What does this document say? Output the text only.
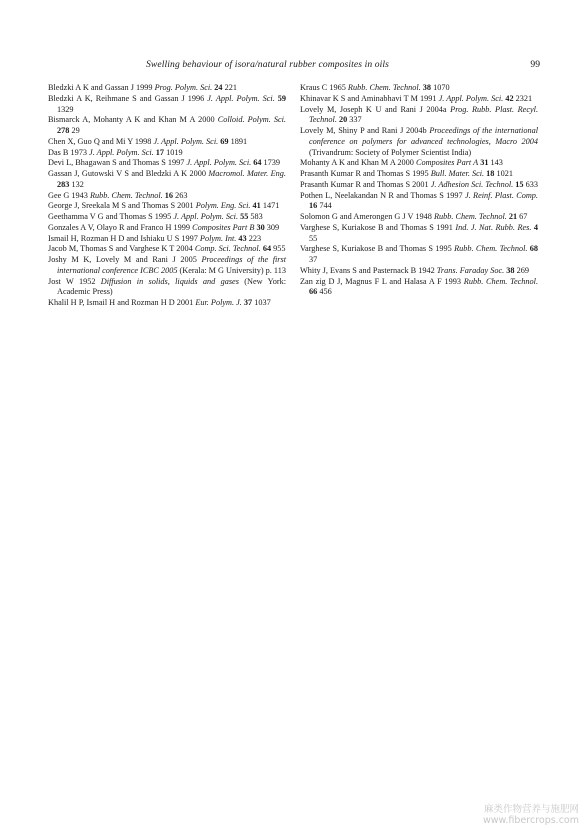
Swelling behaviour of isora/natural rubber composites in oils	99

Bledzki A K and Gassan J 1999 Prog. Polym. Sci. 24 221

Bledzki A K, Reihmane S and Gassan J 1996 J. Appl. Polym. Sci. 59 1329

Bismarck A, Mohanty A K and Khan M A 2000 Colloid. Polym. Sci. 278 29

Chen X, Guo Q and Mi Y 1998 J. Appl. Polym. Sci. 69 1891

Das B 1973 J. Appl. Polym. Sci. 17 1019

Devi L, Bhagawan S and Thomas S 1997 J. Appl. Polym. Sci. 64 1739

Gassan J, Gutowski V S and Bledzki A K 2000 Macromol. Mater. Eng. 283 132

Gee G 1943 Rubb. Chem. Technol. 16 263

George J, Sreekala M S and Thomas S 2001 Polym. Eng. Sci. 41 1471

Geethamma V G and Thomas S 1995 J. Appl. Polym. Sci. 55 583

Gonzales A V, Olayo R and Franco H 1999 Composites Part B 30 309

Ismail H, Rozman H D and Ishiaku U S 1997 Polym. Int. 43 223

Jacob M, Thomas S and Varghese K T 2004 Comp. Sci. Technol. 64 955

Joshy M K, Lovely M and Rani J 2005 Proceedings of the first international conference ICBC 2005 (Kerala: M G University) p. 113

Jost W 1952 Diffusion in solids, liquids and gases (New York: Academic Press)

Khalil H P, Ismail H and Rozman H D 2001 Eur. Polym. J. 37 1037

Kraus C 1965 Rubb. Chem. Technol. 38 1070

Khinavar K S and Aminabhavi T M 1991 J. Appl. Polym. Sci. 42 2321

Lovely M, Joseph K U and Rani J 2004a Prog. Rubb. Plast. Recyl. Technol. 20 337

Lovely M, Shiny P and Rani J 2004b Proceedings of the international conference on polymers for advanced technologies, Macro 2004 (Trivandrum: Society of Polymer Scientist India)

Mohanty A K and Khan M A 2000 Composites Part A 31 143

Prasanth Kumar R and Thomas S 1995 Bull. Mater. Sci. 18 1021

Prasanth Kumar R and Thomas S 2001 J. Adhesion Sci. Technol. 15 633

Pothen L, Neelakandan N R and Thomas S 1997 J. Reinf. Plast. Comp. 16 744

Solomon G and Amerongen G J V 1948 Rubb. Chem. Technol. 21 67

Varghese S, Kuriakose B and Thomas S 1991 Ind. J. Nat. Rubb. Res. 4 55

Varghese S, Kuriakose B and Thomas S 1995 Rubb. Chem. Technol. 68 37

Whity J, Evans S and Pasternack B 1942 Trans. Faraday Soc. 38 269

Zan zig D J, Magnus F L and Halasa A F 1993 Rubb. Chem. Technol. 66 456

麻类作物营养与施肥网
www.fibercrops.com
